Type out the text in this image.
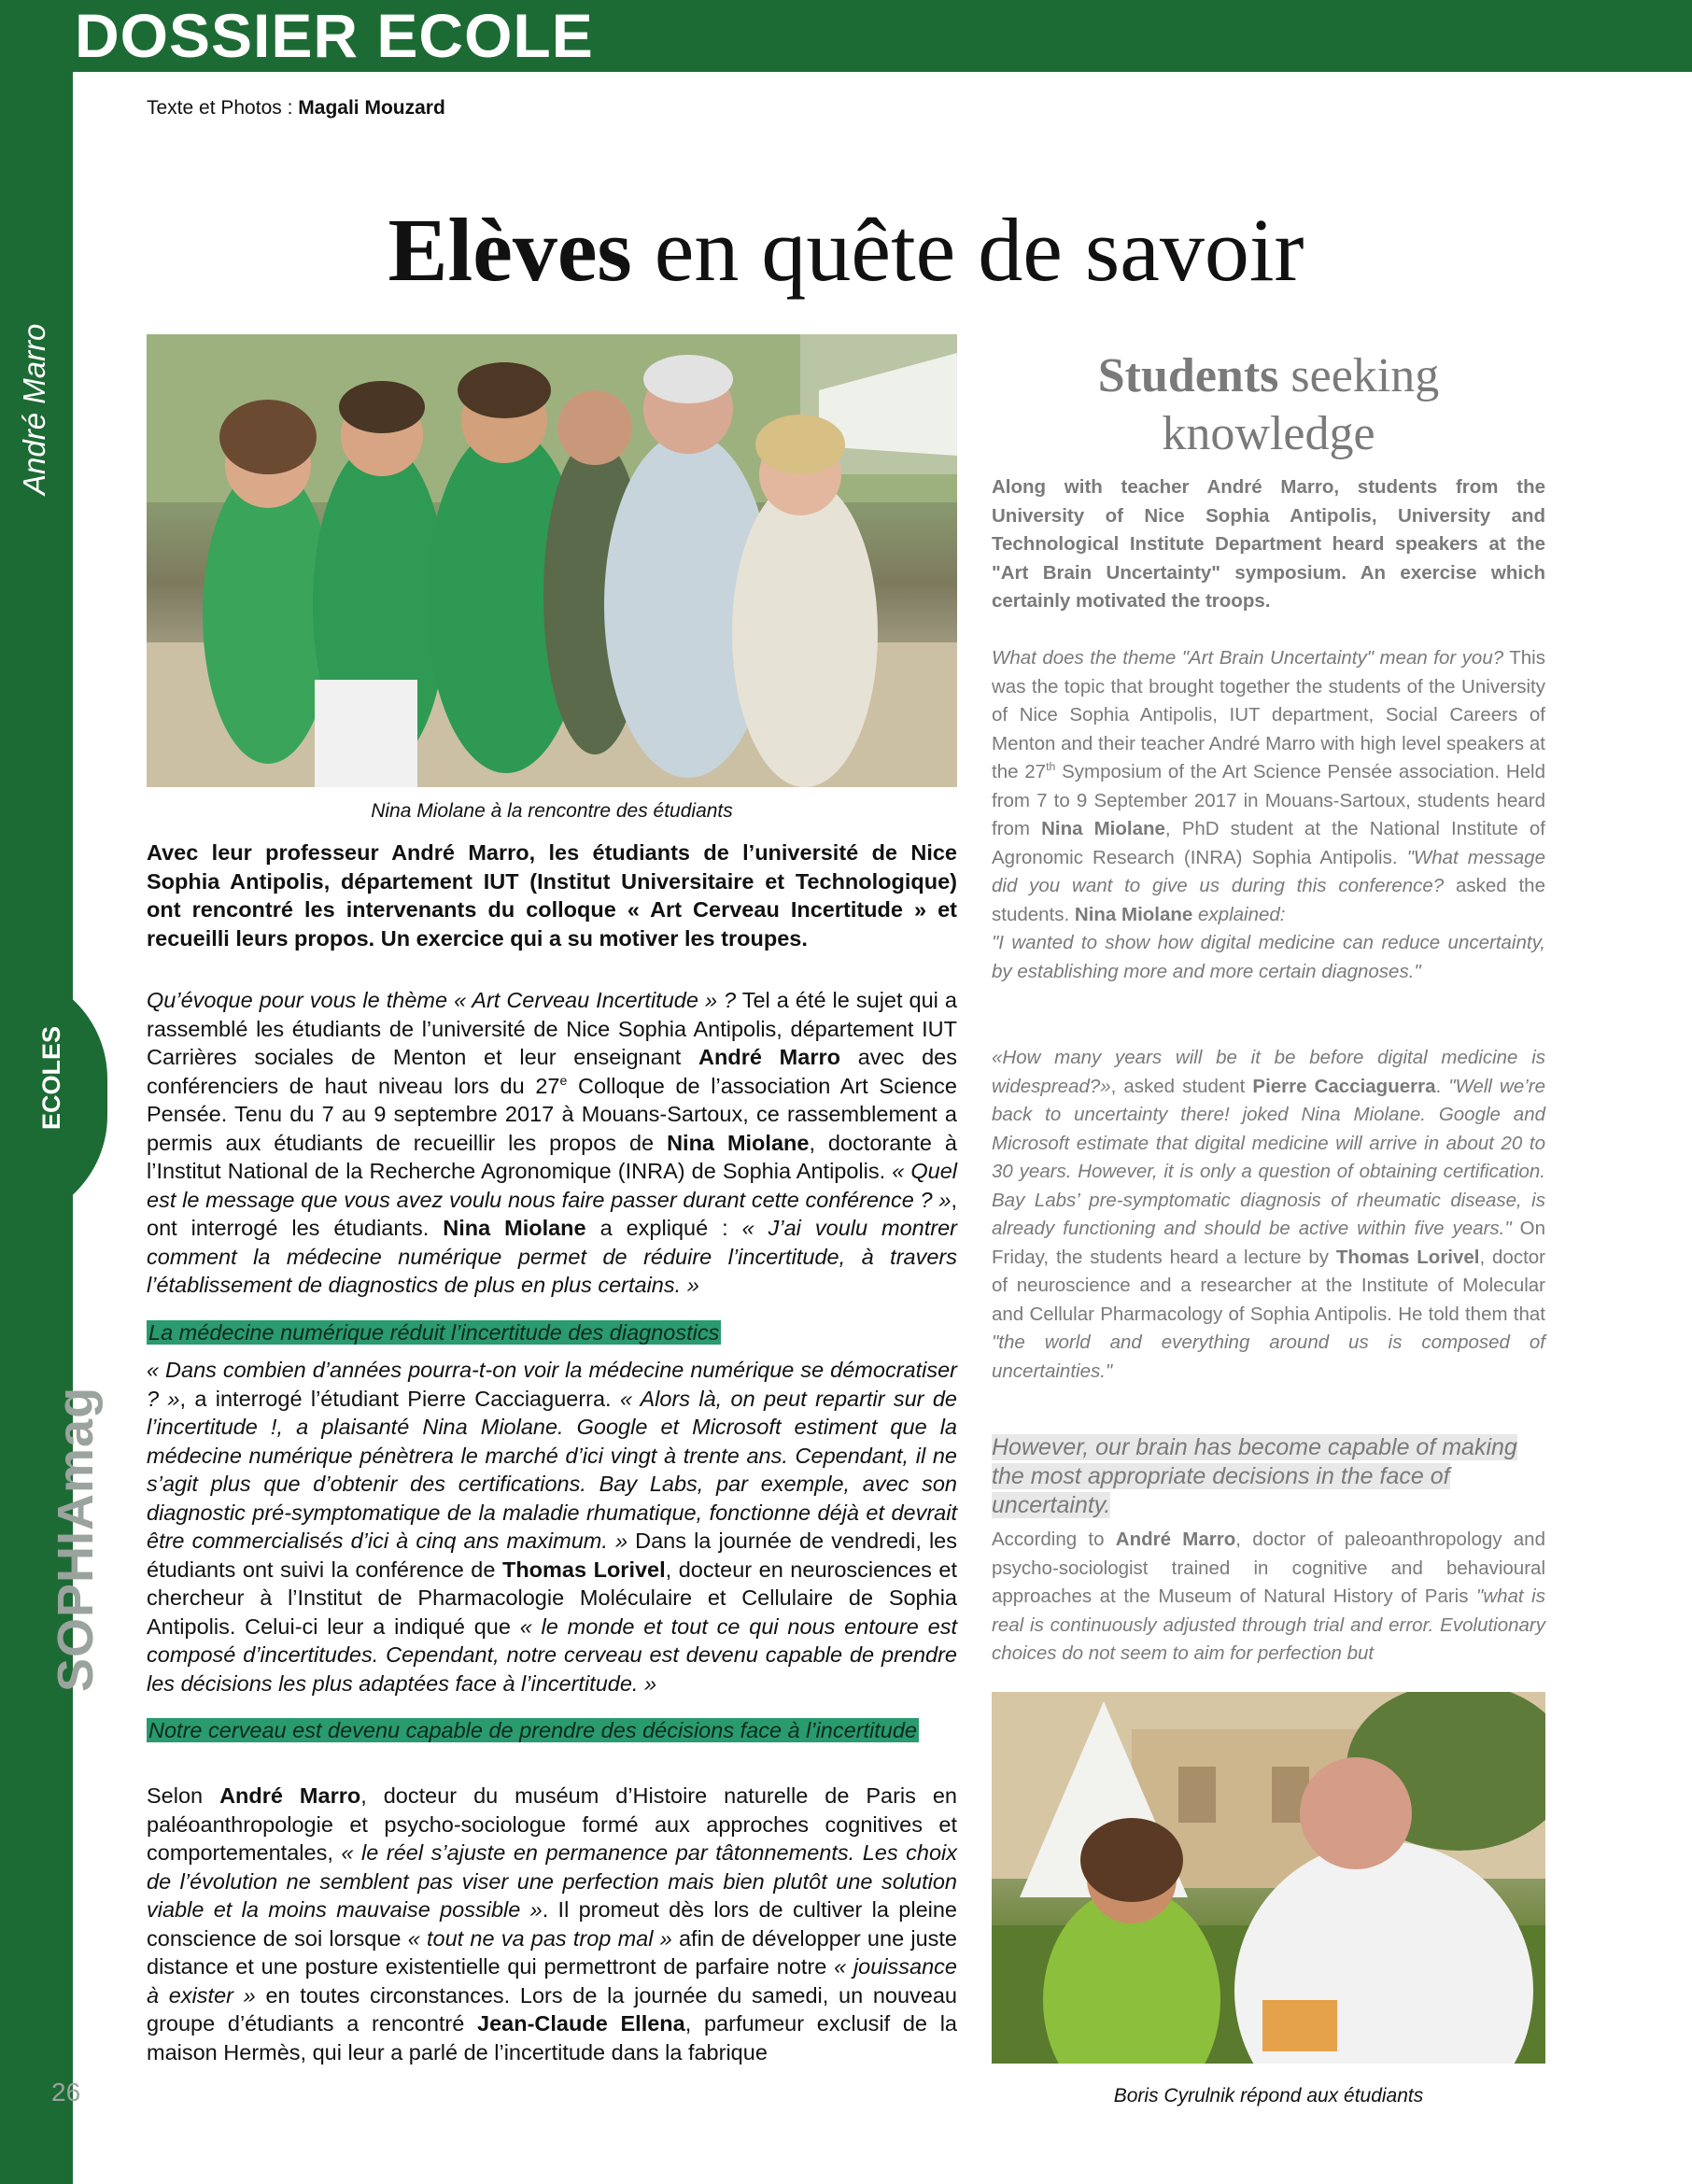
DOSSIER ECOLE
André Marro
ECOLES
SOPHIAmag
26
Texte et Photos : Magali Mouzard
Elèves en quête de savoir
Nina Miolane à la rencontre des étudiants
Avec leur professeur André Marro, les étudiants de l’université de Nice Sophia Antipolis, département IUT (Institut Universitaire et Technologique) ont rencontré les intervenants du colloque « Art Cerveau Incertitude » et recueilli leurs propos. Un exercice qui a su motiver les troupes.
Qu’évoque pour vous le thème « Art Cerveau Incertitude » ? Tel a été le sujet qui a rassemblé les étudiants de l’université de Nice Sophia Antipolis, département IUT Carrières sociales de Menton et leur enseignant André Marro avec des conférenciers de haut niveau lors du 27e Colloque de l’association Art Science Pensée. Tenu du 7 au 9 septembre 2017 à Mouans-Sartoux, ce rassemblement a permis aux étudiants de recueillir les propos de Nina Miolane, doctorante à l’Institut National de la Recherche Agronomique (INRA) de Sophia Antipolis. « Quel est le message que vous avez voulu nous faire passer durant cette conférence ? », ont interrogé les étudiants. Nina Miolane a expliqué : « J’ai voulu montrer comment la médecine numérique permet de réduire l’incertitude, à travers l’établissement de diagnostics de plus en plus certains. »
La médecine numérique réduit l’incertitude des diagnostics
« Dans combien d’années pourra-t-on voir la médecine numérique se démocratiser ? », a interrogé l’étudiant Pierre Cacciaguerra. « Alors là, on peut repartir sur de l’incertitude !, a plaisanté Nina Miolane. Google et Microsoft estiment que la médecine numérique pénètrera le marché d’ici vingt à trente ans. Cependant, il ne s’agit plus que d’obtenir des certifications. Bay Labs, par exemple, avec son diagnostic pré-symptomatique de la maladie rhumatique, fonctionne déjà et devrait être commercialisés d’ici à cinq ans maximum. » Dans la journée de vendredi, les étudiants ont suivi la conférence de Thomas Lorivel, docteur en neurosciences et chercheur à l’Institut de Pharmacologie Moléculaire et Cellulaire de Sophia Antipolis. Celui-ci leur a indiqué que « le monde et tout ce qui nous entoure est composé d’incertitudes. Cependant, notre cerveau est devenu capable de prendre les décisions les plus adaptées face à l’incertitude. »
Notre cerveau est devenu capable de prendre des décisions face à l’incertitude
Selon André Marro, docteur du muséum d’Histoire naturelle de Paris en paléoanthropologie et psycho-sociologue formé aux approches cognitives et comportementales, « le réel s’ajuste en permanence par tâtonnements. Les choix de l’évolution ne semblent pas viser une perfection mais bien plutôt une solution viable et la moins mauvaise possible ». Il promeut dès lors de cultiver la pleine conscience de soi lorsque « tout ne va pas trop mal » afin de développer une juste distance et une posture existentielle qui permettront de parfaire notre « jouissance à exister » en toutes circonstances. Lors de la journée du samedi, un nouveau groupe d’étudiants a rencontré Jean-Claude Ellena, parfumeur exclusif de la maison Hermès, qui leur a parlé de l’incertitude dans la fabrique
Students seeking knowledge
Along with teacher André Marro, students from the University of Nice Sophia Antipolis, University and Technological Institute Department heard speakers at the "Art Brain Uncertainty" symposium. An exercise which certainly motivated the troops.
What does the theme "Art Brain Uncertainty" mean for you? This was the topic that brought together the students of the University of Nice Sophia Antipolis, IUT department, Social Careers of Menton and their teacher André Marro with high level speakers at the 27th Symposium of the Art Science Pensée association. Held from 7 to 9 September 2017 in Mouans-Sartoux, students heard from Nina Miolane, PhD student at the National Institute of Agronomic Research (INRA) Sophia Antipolis. "What message did you want to give us during this conference? asked the students. Nina Miolane explained:
"I wanted to show how digital medicine can reduce uncertainty, by establishing more and more certain diagnoses."
«How many years will be it be before digital medicine is widespread?», asked student Pierre Cacciaguerra. "Well we’re back to uncertainty there! joked Nina Miolane. Google and Microsoft estimate that digital medicine will arrive in about 20 to 30 years. However, it is only a question of obtaining certification. Bay Labs’ pre-symptomatic diagnosis of rheumatic disease, is already functioning and should be active within five years." On Friday, the students heard a lecture by Thomas Lorivel, doctor of neuroscience and a researcher at the Institute of Molecular and Cellular Pharmacology of Sophia Antipolis. He told them that "the world and everything around us is composed of uncertainties."
However, our brain has become capable of making the most appropriate decisions in the face of uncertainty.
According to André Marro, doctor of paleoanthropology and psycho-sociologist trained in cognitive and behavioural approaches at the Museum of Natural History of Paris "what is real is continuously adjusted through trial and error. Evolutionary choices do not seem to aim for perfection but
Boris Cyrulnik répond aux étudiants
